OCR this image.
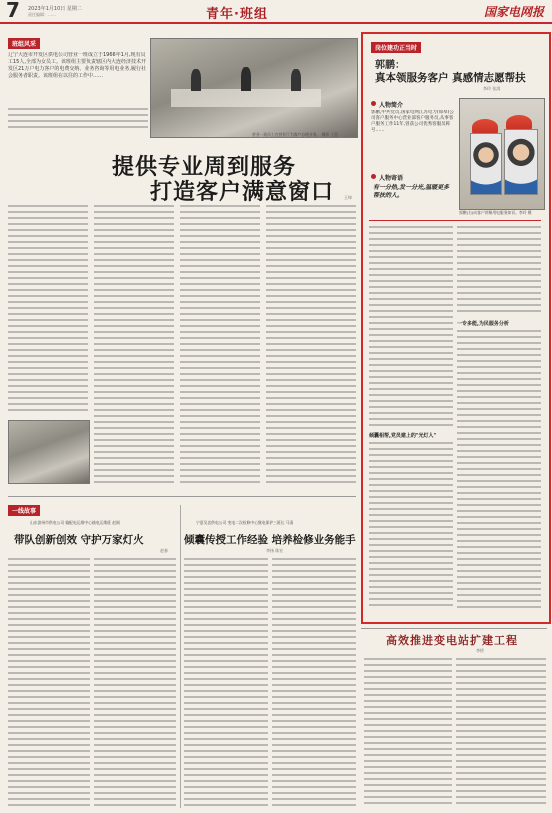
7 2023年1月10日 星期二
责任编辑：……	青年·班组	国家电网报
班组风采
辽宁大连市开发区供电公司营业一班成立于1966年1月,现有员工15人,全部为女员工。该班组主要负责辖区内大连经济技术开发区21万户电力客户的电费交纳、业务咨询等用电业务,履行社会服务者职责。该班组在以往的工作中……
营业一班员工在营业厅为客户办理业务。 摄影 王恩
提供专业周到服务
打造客户满意窗口 王坤
一线故事
山东滨州市供电公司 输配电运维中心输电运维班 赵刚
带队创新创效 守护万家灯火
赵春
宁夏吴忠供电公司 变电二次检修中心继电保护三班长 马清
倾囊传授工作经验 培养检修业务能手
李扬 陈宏
岗位建功正当时
郭鹏：
真本领服务客户 真感情志愿帮扶
李玲 张淇
人物简介
郭鹏,中共党员,国家电网江苏电力(如皋)公司客户服务中心营业部客户服务员,从事客户服务工作11年,曾获公司优秀客服员称号……
人物寄语
有一分热,发一分光,温暖更多帮扶的人。
郭鹏(右)向客户讲解用电服务知识。李玲 摄
倾囊相帮,党员建上的"光灯人"
一专多能,为民服务分析
高效推进变电站扩建工程
李桥
